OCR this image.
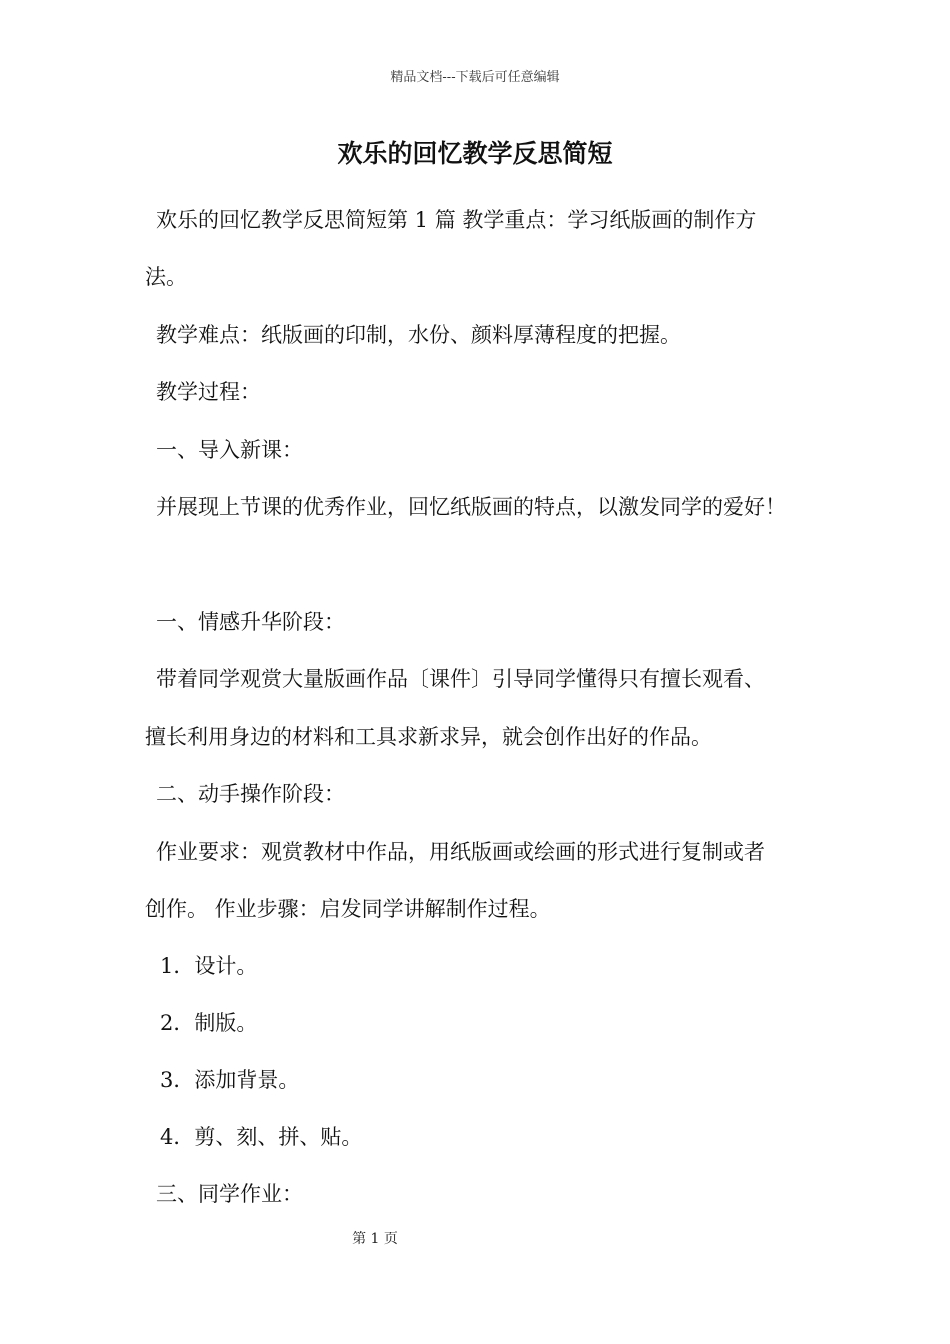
精品文档---下载后可任意编辑
欢乐的回忆教学反思简短
欢乐的回忆教学反思简短第 1 篇 教学重点：学习纸版画的制作方
法。
教学难点：纸版画的印制，水份、颜料厚薄程度的把握。
教学过程：
一、导入新课：
并展现上节课的优秀作业，回忆纸版画的特点，以激发同学的爱好！
一、情感升华阶段：
带着同学观赏大量版画作品〔课件〕引导同学懂得只有擅长观看、
擅长利用身边的材料和工具求新求异，就会创作出好的作品。
二、动手操作阶段：
作业要求：观赏教材中作品，用纸版画或绘画的形式进行复制或者
创作。 作业步骤：启发同学讲解制作过程。
1．设计。
2．制版。
3．添加背景。
4．剪、刻、拼、贴。
三、同学作业：
第 1 页
